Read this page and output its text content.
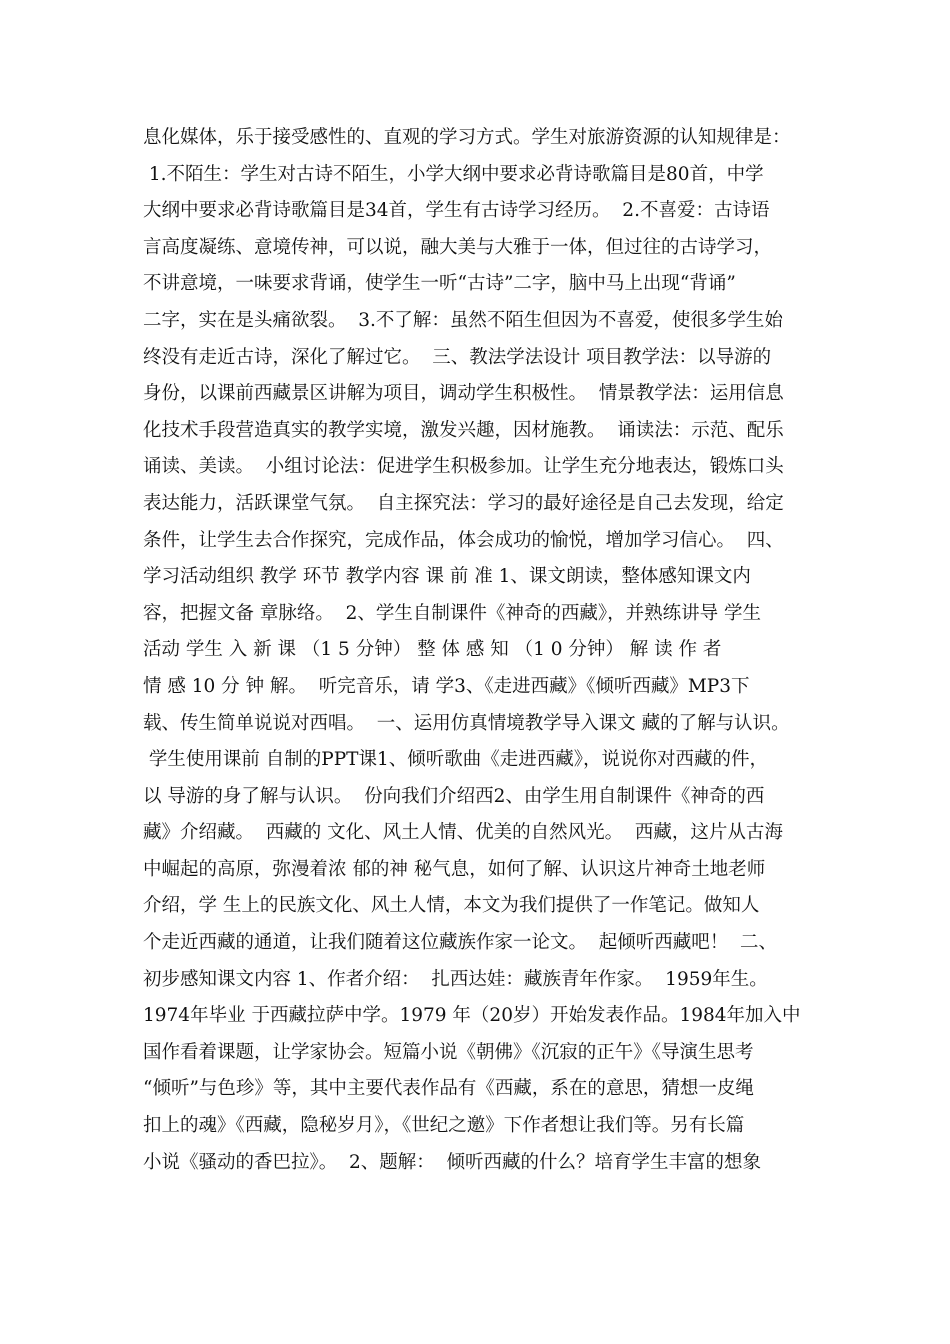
息化媒体，乐于接受感性的、直观的学习方式。学生对旅游资源的认知规律是：
1.不陌生：学生对古诗不陌生，小学大纲中要求必背诗歌篇目是80首，中学
大纲中要求必背诗歌篇目是34首，学生有古诗学习经历。  2.不喜爱：古诗语
言高度凝练、意境传神，可以说，融大美与大雅于一体，但过往的古诗学习，
不讲意境，一味要求背诵，使学生一听“古诗”二字，脑中马上出现“背诵”
二字，实在是头痛欲裂。  3.不了解：虽然不陌生但因为不喜爱，使很多学生始
终没有走近古诗，深化了解过它。  三、教法学法设计 项目教学法：以导游的
身份，以课前西藏景区讲解为项目，调动学生积极性。  情景教学法：运用信息
化技术手段营造真实的教学实境，激发兴趣，因材施教。  诵读法：示范、配乐
诵读、美读。  小组讨论法：促进学生积极参加。让学生充分地表达，锻炼口头
表达能力，活跃课堂气氛。  自主探究法：学习的最好途径是自己去发现，给定
条件，让学生去合作探究，完成作品，体会成功的愉悦，增加学习信心。  四、
学习活动组织 教学 环节 教学内容 课 前 准 1、课文朗读，整体感知课文内
容，把握文备 章脉络。  2、学生自制课件《神奇的西藏》，并熟练讲导 学生
活动 学生 入 新 课 （1 5 分钟） 整 体 感 知 （1 0 分钟） 解 读 作 者
情 感 10 分 钟 解。  听完音乐，请 学3、《走进西藏》《倾听西藏》MP3下
载、传生简单说说对西唱。  一、运用仿真情境教学导入课文 藏的了解与认识。
学生使用课前 自制的PPT课1、倾听歌曲《走进西藏》，说说你对西藏的件，
以 导游的身了解与认识。  份向我们介绍西2、由学生用自制课件《神奇的西
藏》介绍藏。  西藏的 文化、风土人情、优美的自然风光。  西藏，这片从古海
中崛起的高原，弥漫着浓 郁的神 秘气息，如何了解、认识这片神奇土地老师
介绍，学 生上的民族文化、风土人情，本文为我们提供了一作笔记。做知人
个走近西藏的通道，让我们随着这位藏族作家一论文。  起倾听西藏吧！  二、
初步感知课文内容 1、作者介绍：  扎西达娃：藏族青年作家。  1959年生。
1974年毕业 于西藏拉萨中学。1979 年（20岁）开始发表作品。1984年加入中
国作看着课题，让学家协会。短篇小说《朝佛》《沉寂的正午》《导演生思考
“倾听”与色珍》等，其中主要代表作品有《西藏，系在的意思，猜想一皮绳
扣上的魂》《西藏，隐秘岁月》，《世纪之邀》下作者想让我们等。另有长篇
小说《骚动的香巴拉》。  2、题解：  倾听西藏的什么？培育学生丰富的想象
